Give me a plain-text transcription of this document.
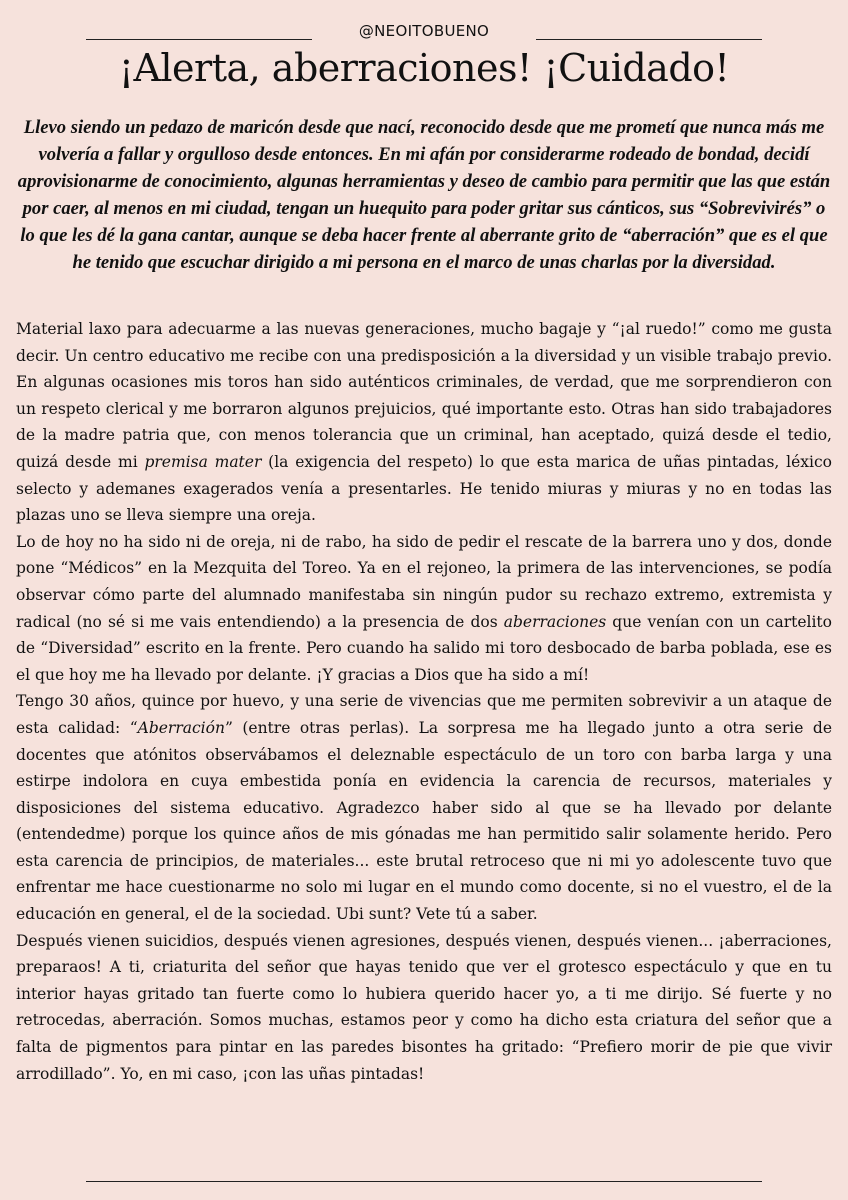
@NEOITOBUENO
¡Alerta, aberraciones! ¡Cuidado!

Llevo siendo un pedazo de maricón desde que nací, reconocido desde que me prometí que nunca más me volvería a fallar y orgulloso desde entonces. En mi afán por considerarme rodeado de bondad, decidí aprovisionarme de conocimiento, algunas herramientas y deseo de cambio para permitir que las que están por caer, al menos en mi ciudad, tengan un huequito para poder gritar sus cánticos, sus “Sobrevivirés” o lo que les dé la gana cantar, aunque se deba hacer frente al aberrante grito de “aberración” que es el que he tenido que escuchar dirigido a mi persona en el marco de unas charlas por la diversidad.

Material laxo para adecuarme a las nuevas generaciones, mucho bagaje y “¡al ruedo!” como me gusta decir. Un centro educativo me recibe con una predisposición a la diversidad y un visible trabajo previo. En algunas ocasiones mis toros han sido auténticos criminales, de verdad, que me sorprendieron con un respeto clerical y me borraron algunos prejuicios, qué importante esto. Otras han sido trabajadores de la madre patria que, con menos tolerancia que un criminal, han aceptado, quizá desde el tedio, quizá desde mi premisa mater (la exigencia del respeto) lo que esta marica de uñas pintadas, léxico selecto y ademanes exagerados venía a presentarles. He tenido miuras y miuras y no en todas las plazas uno se lleva siempre una oreja.

Lo de hoy no ha sido ni de oreja, ni de rabo, ha sido de pedir el rescate de la barrera uno y dos, donde pone “Médicos” en la Mezquita del Toreo. Ya en el rejoneo, la primera de las intervenciones, se podía observar cómo parte del alumnado manifestaba sin ningún pudor su rechazo extremo, extremista y radical (no sé si me vais entendiendo) a la presencia de dos aberraciones que venían con un cartelito de “Diversidad” escrito en la frente. Pero cuando ha salido mi toro desbocado de barba poblada, ese es el que hoy me ha llevado por delante. ¡Y gracias a Dios que ha sido a mí!

Tengo 30 años, quince por huevo, y una serie de vivencias que me permiten sobrevivir a un ataque de esta calidad: “Aberración” (entre otras perlas). La sorpresa me ha llegado junto a otra serie de docentes que atónitos observábamos el deleznable espectáculo de un toro con barba larga y una estirpe indolora en cuya embestida ponía en evidencia la carencia de recursos, materiales y disposiciones del sistema educativo. Agradezco haber sido al que se ha llevado por delante (entendedme) porque los quince años de mis gónadas me han permitido salir solamente herido. Pero esta carencia de principios, de materiales... este brutal retroceso que ni mi yo adolescente tuvo que enfrentar me hace cuestionarme no solo mi lugar en el mundo como docente, si no el vuestro, el de la educación en general, el de la sociedad. Ubi sunt? Vete tú a saber.

Después vienen suicidios, después vienen agresiones, después vienen, después vienen... ¡aberraciones, preparaos! A ti, criaturita del señor que hayas tenido que ver el grotesco espectáculo y que en tu interior hayas gritado tan fuerte como lo hubiera querido hacer yo, a ti me dirijo. Sé fuerte y no retrocedas, aberración. Somos muchas, estamos peor y como ha dicho esta criatura del señor que a falta de pigmentos para pintar en las paredes bisontes ha gritado: “Prefiero morir de pie que vivir arrodillado”. Yo, en mi caso, ¡con las uñas pintadas!
